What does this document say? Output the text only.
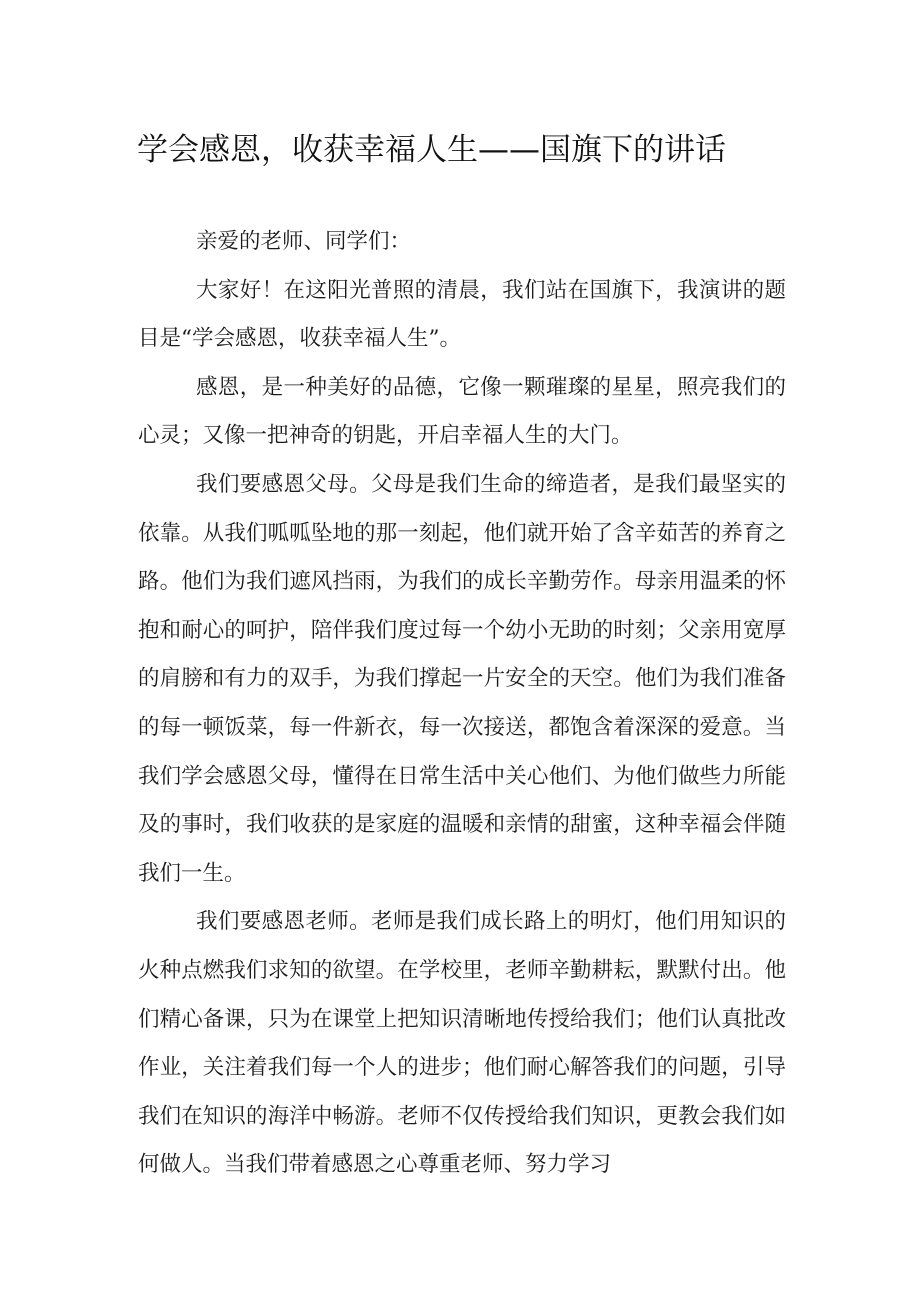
学会感恩，收获幸福人生——国旗下的讲话

亲爱的老师、同学们：

大家好！在这阳光普照的清晨，我们站在国旗下，我演讲的题目是“学会感恩，收获幸福人生”。

感恩，是一种美好的品德，它像一颗璀璨的星星，照亮我们的心灵；又像一把神奇的钥匙，开启幸福人生的大门。

我们要感恩父母。父母是我们生命的缔造者，是我们最坚实的依靠。从我们呱呱坠地的那一刻起，他们就开始了含辛茹苦的养育之路。他们为我们遮风挡雨，为我们的成长辛勤劳作。母亲用温柔的怀抱和耐心的呵护，陪伴我们度过每一个幼小无助的时刻；父亲用宽厚的肩膀和有力的双手，为我们撑起一片安全的天空。他们为我们准备的每一顿饭菜，每一件新衣，每一次接送，都饱含着深深的爱意。当我们学会感恩父母，懂得在日常生活中关心他们、为他们做些力所能及的事时，我们收获的是家庭的温暖和亲情的甜蜜，这种幸福会伴随我们一生。

我们要感恩老师。老师是我们成长路上的明灯，他们用知识的火种点燃我们求知的欲望。在学校里，老师辛勤耕耘，默默付出。他们精心备课，只为在课堂上把知识清晰地传授给我们；他们认真批改作业，关注着我们每一个人的进步；他们耐心解答我们的问题，引导我们在知识的海洋中畅游。老师不仅传授给我们知识，更教会我们如何做人。当我们带着感恩之心尊重老师、努力学习
